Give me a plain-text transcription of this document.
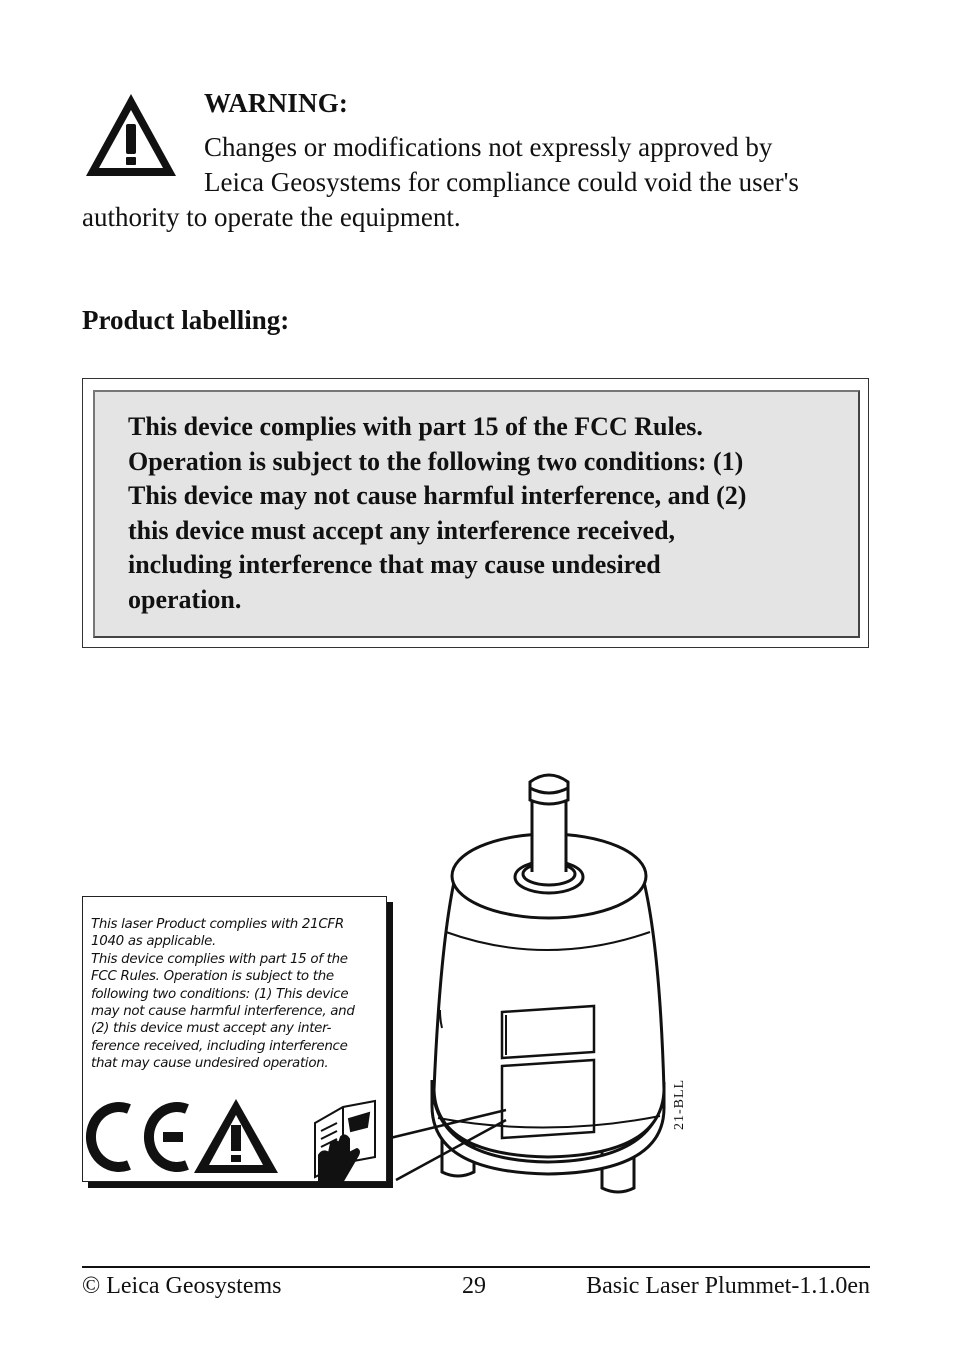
WARNING:
Changes or modifications not expressly approved by
Leica Geosystems for compliance could void the user's
authority to operate the equipment.
Product labelling:
This device complies with part 15 of the FCC Rules.
Operation is subject to the following two conditions: (1)
This device may not cause harmful interference, and (2)
this device must accept any interference received,
including interference that may cause undesired
operation.
This laser Product complies with 21CFR
1040 as applicable.
This device complies with part 15 of the
FCC Rules. Operation is subject to the
following two conditions: (1) This device
may not cause harmful interference, and
(2) this device must accept any inter-
ference received, including interference
that may cause undesired operation.
21-BLL
© Leica Geosystems	29	Basic Laser Plummet-1.1.0en
